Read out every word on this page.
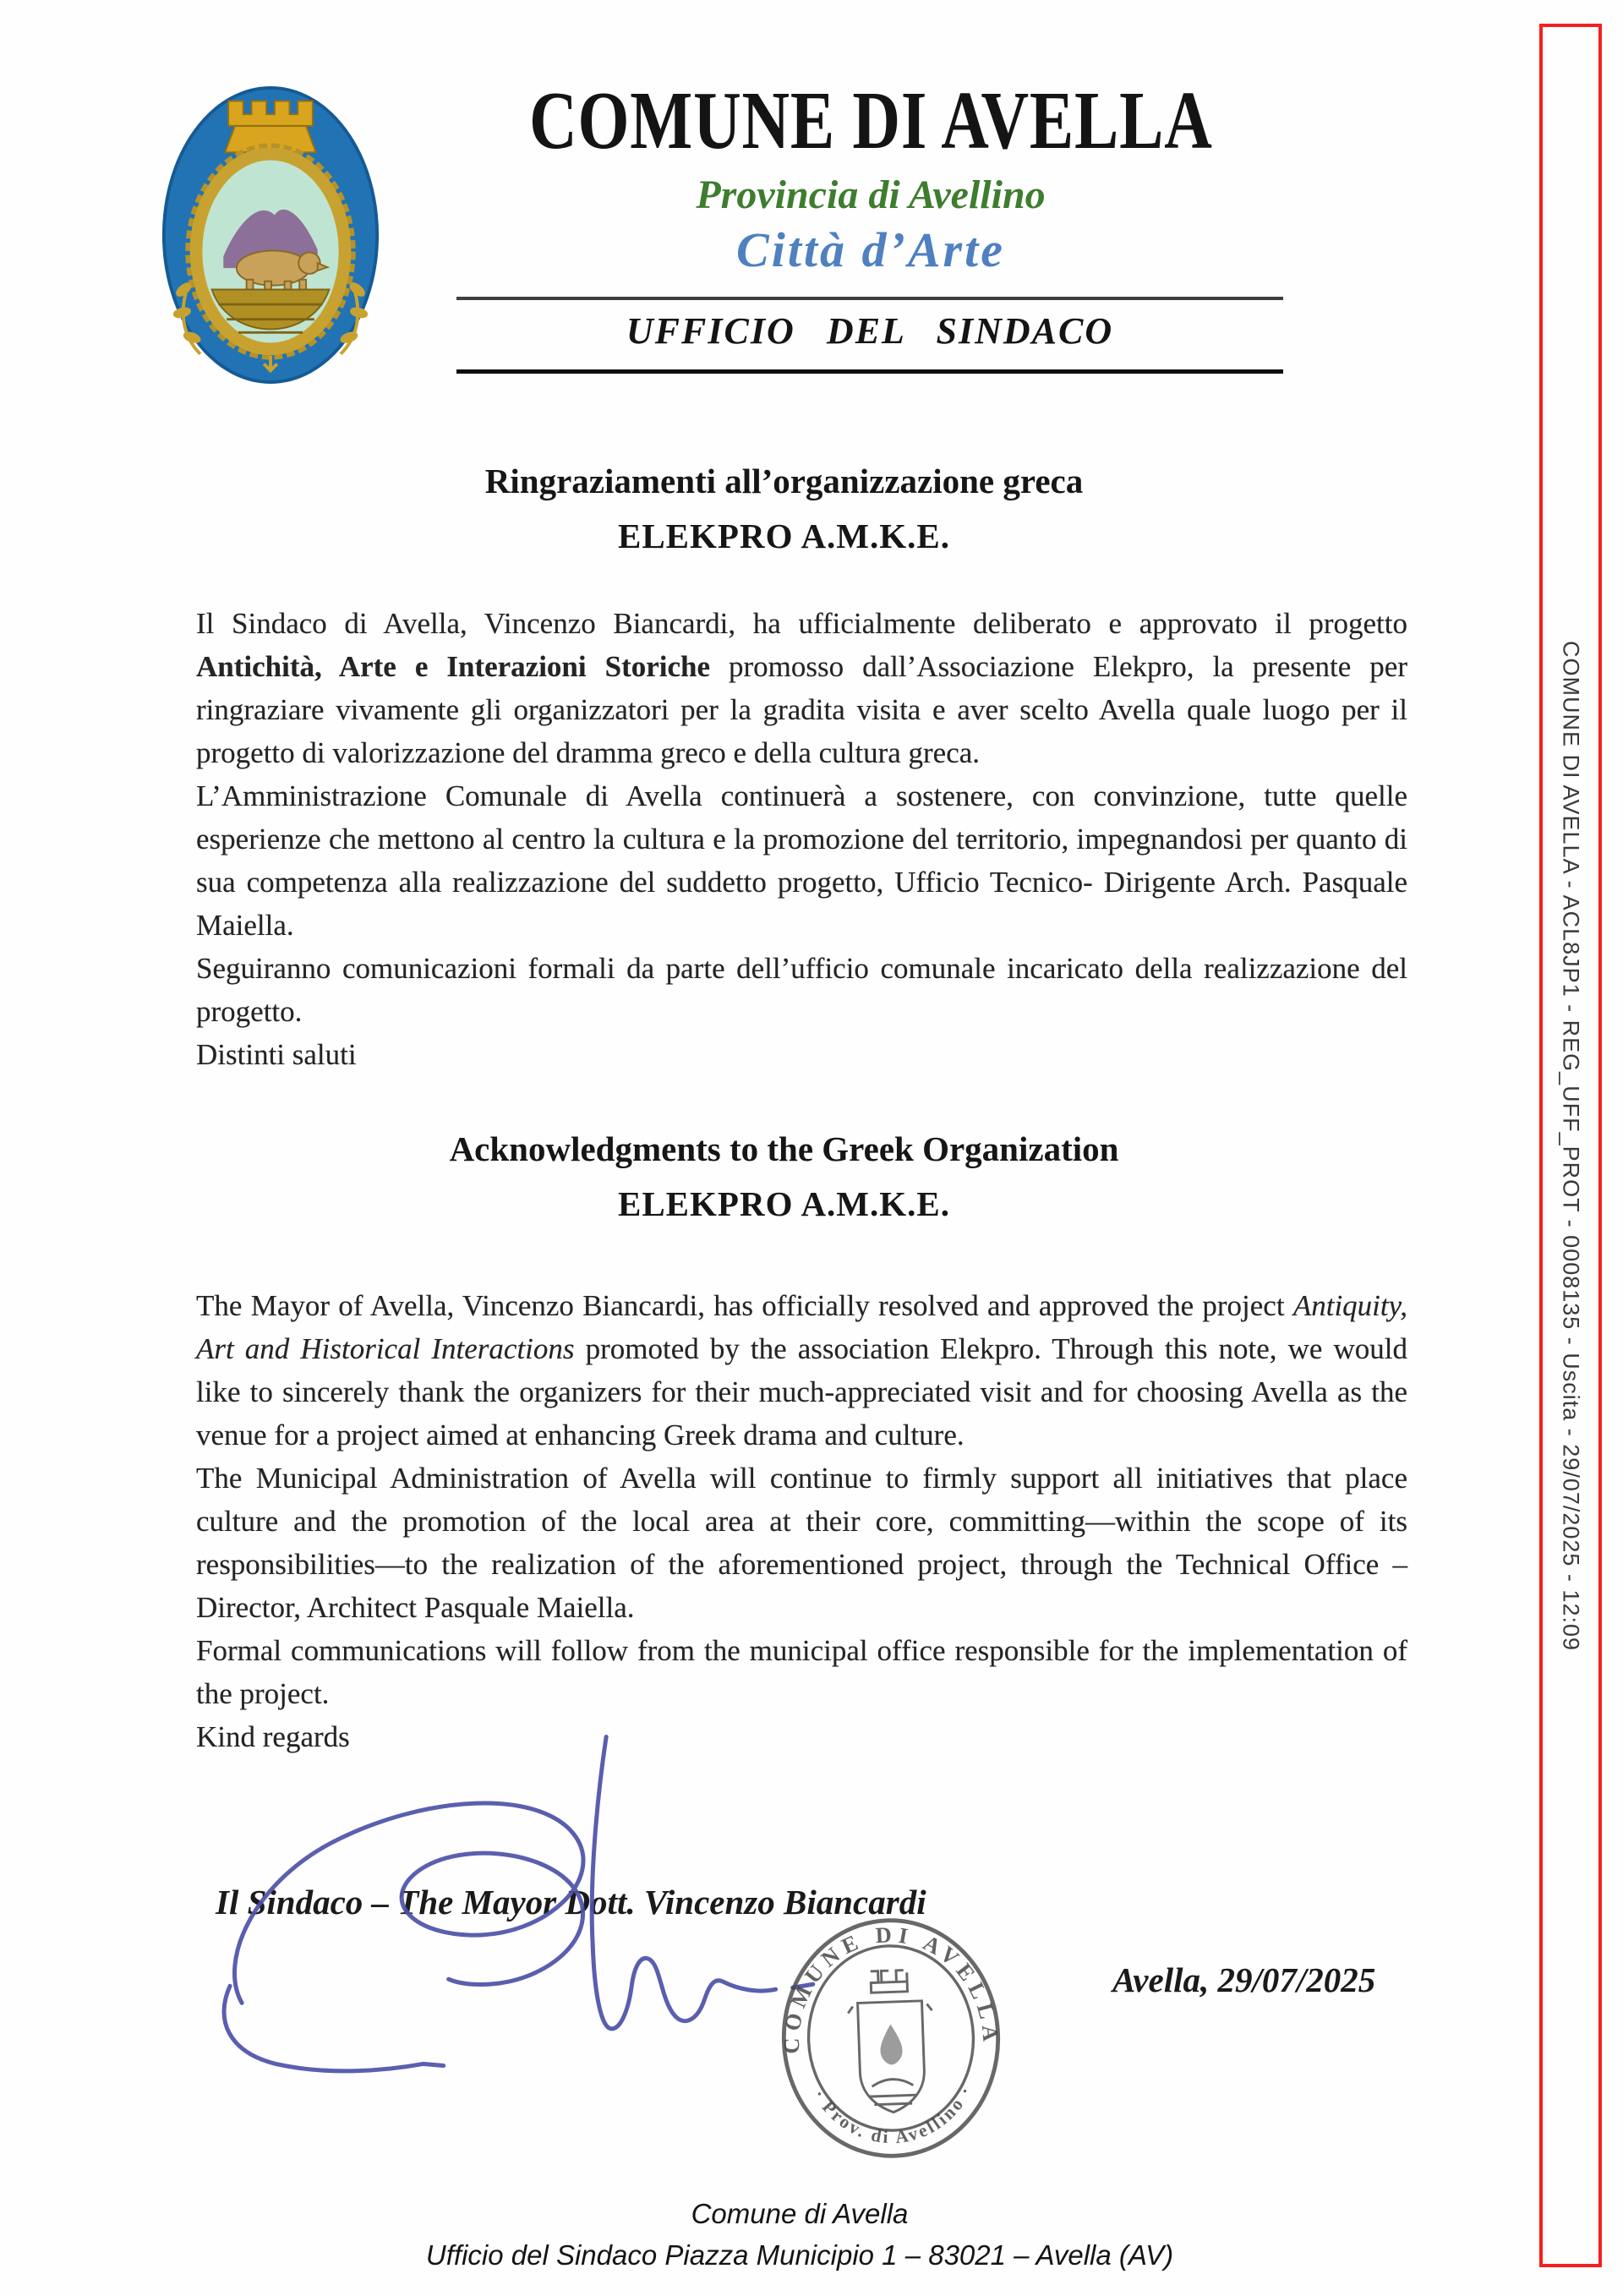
COMUNE DI AVELLA
Provincia di Avellino
Città d’Arte
UFFICIO DEL SINDACO
Ringraziamenti all’organizzazione greca
ELEKPRO A.M.K.E.

Il Sindaco di Avella, Vincenzo Biancardi, ha ufficialmente deliberato e approvato il progetto Antichità, Arte e Interazioni Storiche promosso dall’Associazione Elekpro, la presente per ringraziare vivamente gli organizzatori per la gradita visita e aver scelto Avella quale luogo per il progetto di valorizzazione del dramma greco e della cultura greca.

L’Amministrazione Comunale di Avella continuerà a sostenere, con convinzione, tutte quelle esperienze che mettono al centro la cultura e la promozione del territorio, impegnandosi per quanto di sua competenza alla realizzazione del suddetto progetto, Ufficio Tecnico- Dirigente Arch. Pasquale Maiella.

Seguiranno comunicazioni formali da parte dell’ufficio comunale incaricato della realizzazione del progetto.

Distinti saluti

Acknowledgments to the Greek Organization
ELEKPRO A.M.K.E.

The Mayor of Avella, Vincenzo Biancardi, has officially resolved and approved the project Antiquity, Art and Historical Interactions promoted by the association Elekpro. Through this note, we would like to sincerely thank the organizers for their much-appreciated visit and for choosing Avella as the venue for a project aimed at enhancing Greek drama and culture.

The Municipal Administration of Avella will continue to firmly support all initiatives that place culture and the promotion of the local area at their core, committing—within the scope of its responsibilities—to the realization of the aforementioned project, through the Technical Office – Director, Architect Pasquale Maiella.

Formal communications will follow from the municipal office responsible for the implementation of the project.

Kind regards

Il Sindaco – The Mayor Dott. Vincenzo Biancardi
COMUNE DI AVELLA
· Prov. di Avellino ·
Avella, 29/07/2025
Comune di Avella
Ufficio del Sindaco Piazza Municipio 1 – 83021 – Avella (AV)
COMUNE DI AVELLA - ACL8JP1 - REG_UFF_PROT - 0008135 - Uscita - 29/07/2025 - 12:09
